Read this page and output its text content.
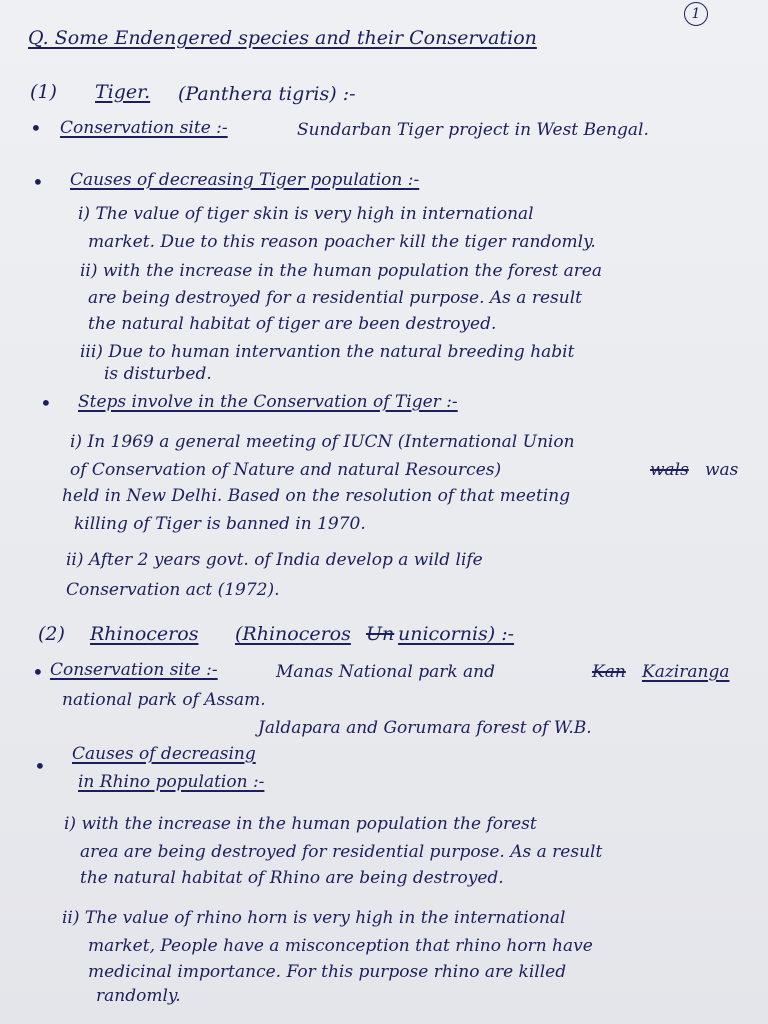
1
Q. Some Endengered species and their Conservation
(1) Tiger. (Panthera tigris) :-
• Conservation site :-	Sundarban Tiger project in West Bengal.
• Causes of decreasing Tiger population :-
i) The value of tiger skin is very high in international
market. Due to this reason poacher kill the tiger randomly.
ii) with the increase in the human population the forest area
are being destroyed for a residential purpose. As a result
the natural habitat of tiger are been destroyed.
iii) Due to human intervantion the natural breeding habit
is disturbed.
• Steps involve in the Conservation of Tiger :-
i) In 1969 a general meeting of IUCN (International Union
of Conservation of Nature and natural Resources)	wals was
held in New Delhi. Based on the resolution of that meeting
killing of Tiger is banned in 1970.
ii) After 2 years govt. of India develop a wild life
Conservation act (1972).
(2) Rhinoceros (Rhinoceros Un unicornis) :-
• Conservation site :-	Manas National park and	Kan Kaziranga
national park of Assam.
Jaldapara and Gorumara forest of W.B.
• Causes of decreasing
in Rhino population :-
i) with the increase in the human population the forest
area are being destroyed for residential purpose. As a result
the natural habitat of Rhino are being destroyed.
ii) The value of rhino horn is very high in the international
market, People have a misconception that rhino horn have
medicinal importance. For this purpose rhino are killed
randomly.
